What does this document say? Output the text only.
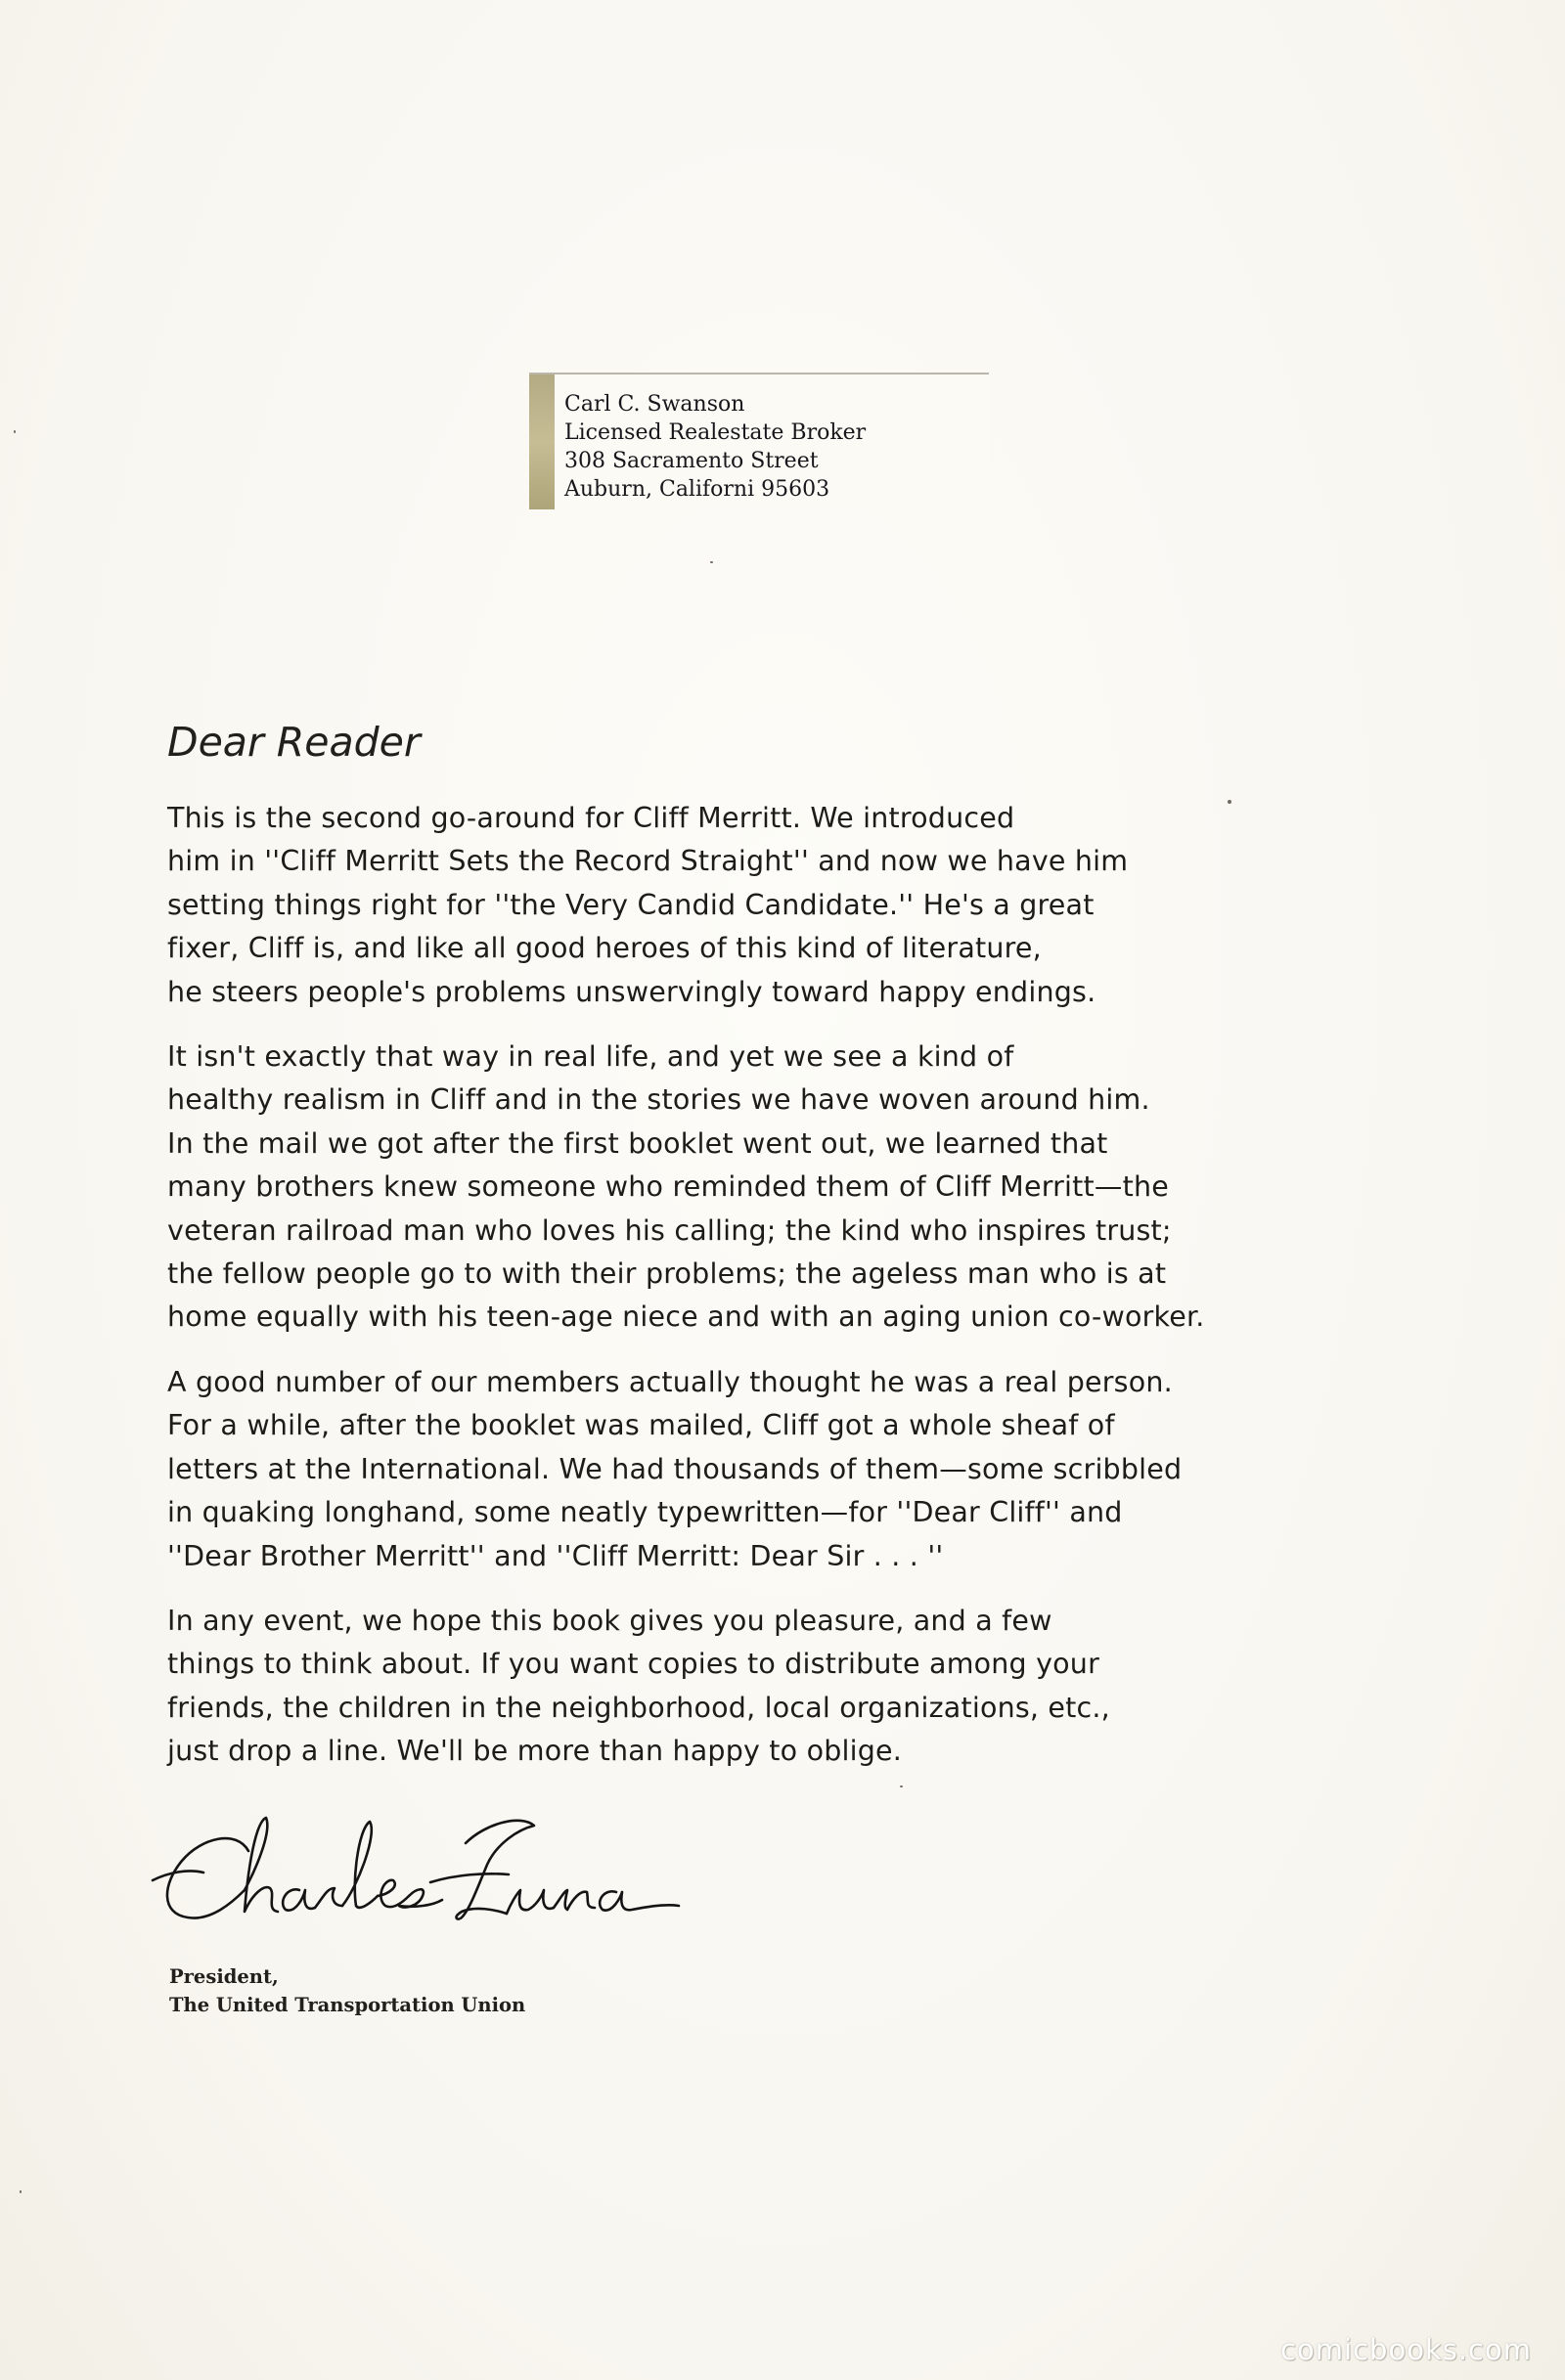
Carl C. Swanson
Licensed Realestate Broker
308 Sacramento Street
Auburn, Californi 95603
Dear Reader

This is the second go-around for Cliff Merritt. We introduced
him in ''Cliff Merritt Sets the Record Straight'' and now we have him
setting things right for ''the Very Candid Candidate.'' He's a great
fixer, Cliff is, and like all good heroes of this kind of literature,
he steers people's problems unswervingly toward happy endings.

It isn't exactly that way in real life, and yet we see a kind of
healthy realism in Cliff and in the stories we have woven around him.
In the mail we got after the first booklet went out, we learned that
many brothers knew someone who reminded them of Cliff Merritt—the
veteran railroad man who loves his calling; the kind who inspires trust;
the fellow people go to with their problems; the ageless man who is at
home equally with his teen-age niece and with an aging union co-worker.

A good number of our members actually thought he was a real person.
For a while, after the booklet was mailed, Cliff got a whole sheaf of
letters at the International. We had thousands of them—some scribbled
in quaking longhand, some neatly typewritten—for ''Dear Cliff'' and
''Dear Brother Merritt'' and ''Cliff Merritt: Dear Sir . . . ''

In any event, we hope this book gives you pleasure, and a few
things to think about. If you want copies to distribute among your
friends, the children in the neighborhood, local organizations, etc.,
just drop a line. We'll be more than happy to oblige.

President,
The United Transportation Union
comicbooks.com
